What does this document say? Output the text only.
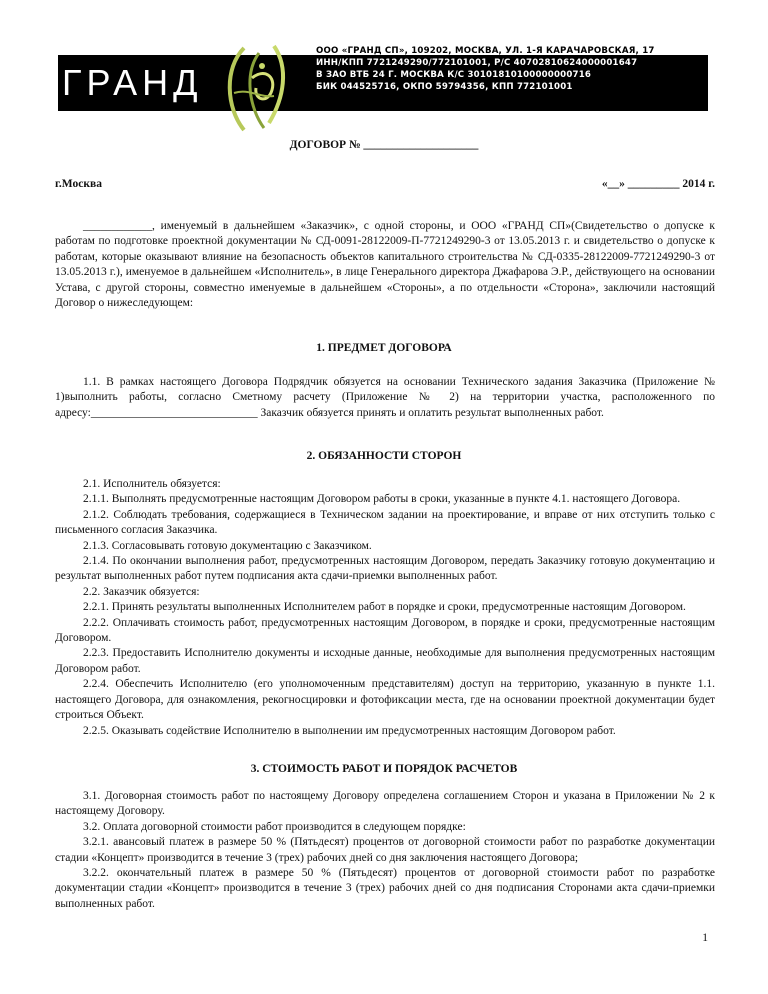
ГРАНД
ООО «ГРАНД СП», 109202, МОСКВА, УЛ. 1-Я КАРАЧАРОВСКАЯ, 17
ИНН/КПП 7721249290/772101001, Р/С 40702810624000001647
В ЗАО ВТБ 24 Г. МОСКВА К/С 30101810100000000716
БИК 044525716, ОКПО 59794356, КПП 772101001
ДОГОВОР № ____________________
г.Москва	«__» _________ 2014 г.

____________, именуемый в дальнейшем «Заказчик», с одной стороны, и ООО «ГРАНД СП»(Свидетельство о допуске к работам по подготовке проектной документации № СД-0091-28122009-П-7721249290-3 от 13.05.2013 г. и свидетельство о допуске к работам, которые оказывают влияние на безопасность объектов капитального строительства № СД-0335-28122009-7721249290-3 от 13.05.2013 г.), именуемое в дальнейшем «Исполнитель», в лице Генерального директора Джафарова Э.Р., действующего на основании Устава, с другой стороны, совместно именуемые в дальнейшем «Стороны», а по отдельности «Сторона», заключили настоящий Договор о нижеследующем:

1. ПРЕДМЕТ ДОГОВОРА

1.1. В рамках настоящего Договора Подрядчик обязуется на основании Технического задания Заказчика (Приложение № 1)выполнить работы, согласно Сметному расчету (Приложение № 2) на территории участка, расположенного по адресу:_____________________________ Заказчик обязуется принять и оплатить результат выполненных работ.

2. ОБЯЗАННОСТИ СТОРОН

2.1. Исполнитель обязуется:

2.1.1. Выполнять предусмотренные настоящим Договором работы в сроки, указанные в пункте 4.1. настоящего Договора.

2.1.2. Соблюдать требования, содержащиеся в Техническом задании на проектирование, и вправе от них отступить только с письменного согласия Заказчика.

2.1.3. Согласовывать готовую документацию с Заказчиком.

2.1.4. По окончании выполнения работ, предусмотренных настоящим Договором, передать Заказчику готовую документацию и результат выполненных работ путем подписания акта сдачи-приемки выполненных работ.

2.2. Заказчик обязуется:

2.2.1. Принять результаты выполненных Исполнителем работ в порядке и сроки, предусмотренные настоящим Договором.

2.2.2. Оплачивать стоимость работ, предусмотренных настоящим Договором, в порядке и сроки, предусмотренные настоящим Договором.

2.2.3. Предоставить Исполнителю документы и исходные данные, необходимые для выполнения предусмотренных настоящим Договором работ.

2.2.4. Обеспечить Исполнителю (его уполномоченным представителям) доступ на территорию, указанную в пункте 1.1. настоящего Договора, для ознакомления, рекогносцировки и фотофиксации места, где на основании проектной документации будет строиться Объект.

2.2.5. Оказывать содействие Исполнителю в выполнении им предусмотренных настоящим Договором работ.

3. СТОИМОСТЬ РАБОТ И ПОРЯДОК РАСЧЕТОВ

3.1. Договорная стоимость работ по настоящему Договору определена соглашением Сторон и указана в Приложении № 2 к настоящему Договору.

3.2. Оплата договорной стоимости работ производится в следующем порядке:

3.2.1. авансовый платеж в размере 50 % (Пятьдесят) процентов от договорной стоимости работ по разработке документации стадии «Концепт» производится в течение 3 (трех) рабочих дней со дня заключения настоящего Договора;

3.2.2. окончательный платеж в размере 50 % (Пятьдесят) процентов от договорной стоимости работ по разработке документации стадии «Концепт» производится в течение 3 (трех) рабочих дней со дня подписания Сторонами акта сдачи-приемки выполненных работ.

1
